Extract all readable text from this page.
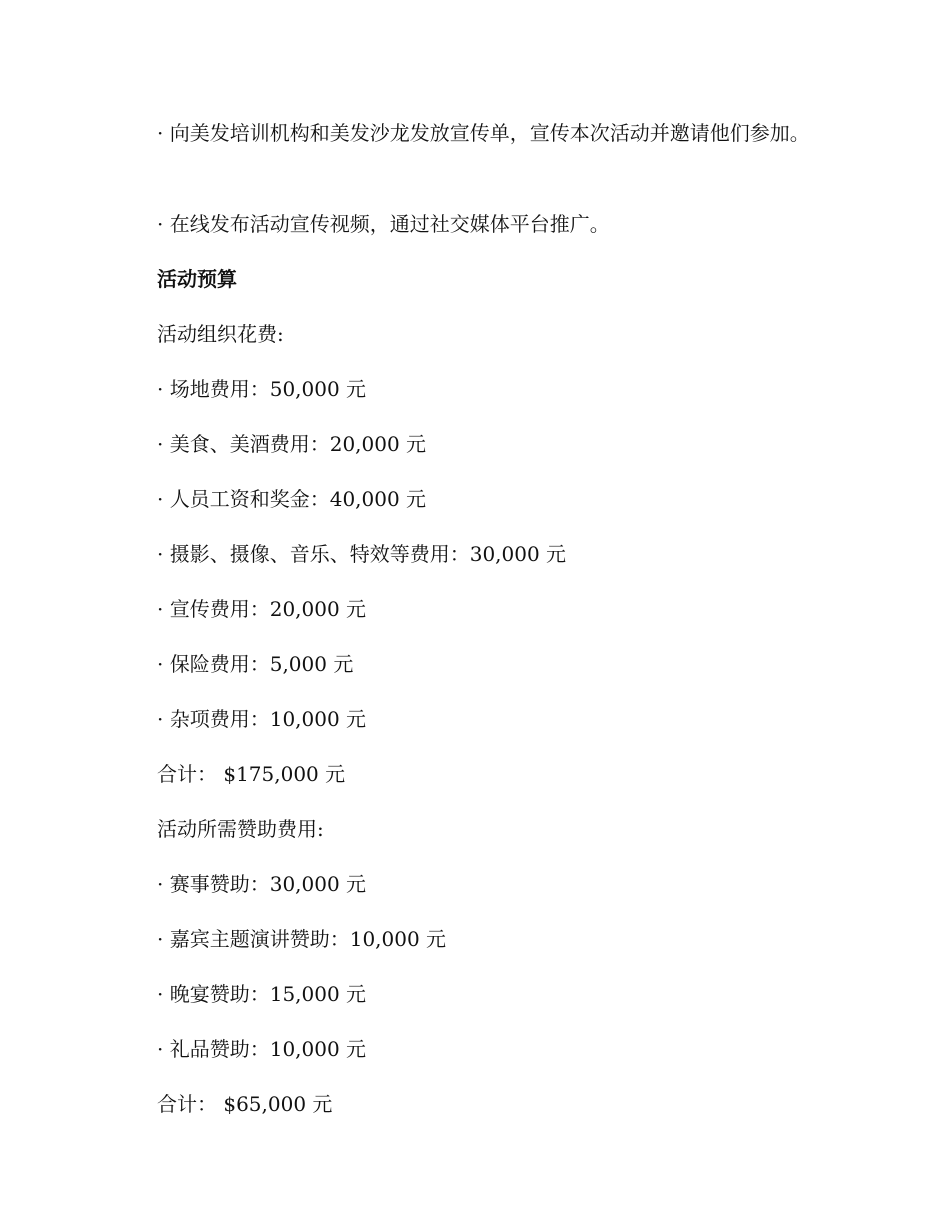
· 向美发培训机构和美发沙龙发放宣传单，宣传本次活动并邀请他们参加。
· 在线发布活动宣传视频，通过社交媒体平台推广。
活动预算
活动组织花费:
· 场地费用：50,000 元
· 美食、美酒费用：20,000 元
· 人员工资和奖金：40,000 元
· 摄影、摄像、音乐、特效等费用：30,000 元
· 宣传费用：20,000 元
· 保险费用：5,000 元
· 杂项费用：10,000 元
合计： $175,000 元
活动所需赞助费用:
· 赛事赞助：30,000 元
· 嘉宾主题演讲赞助：10,000 元
· 晚宴赞助：15,000 元
· 礼品赞助：10,000 元
合计： $65,000 元
